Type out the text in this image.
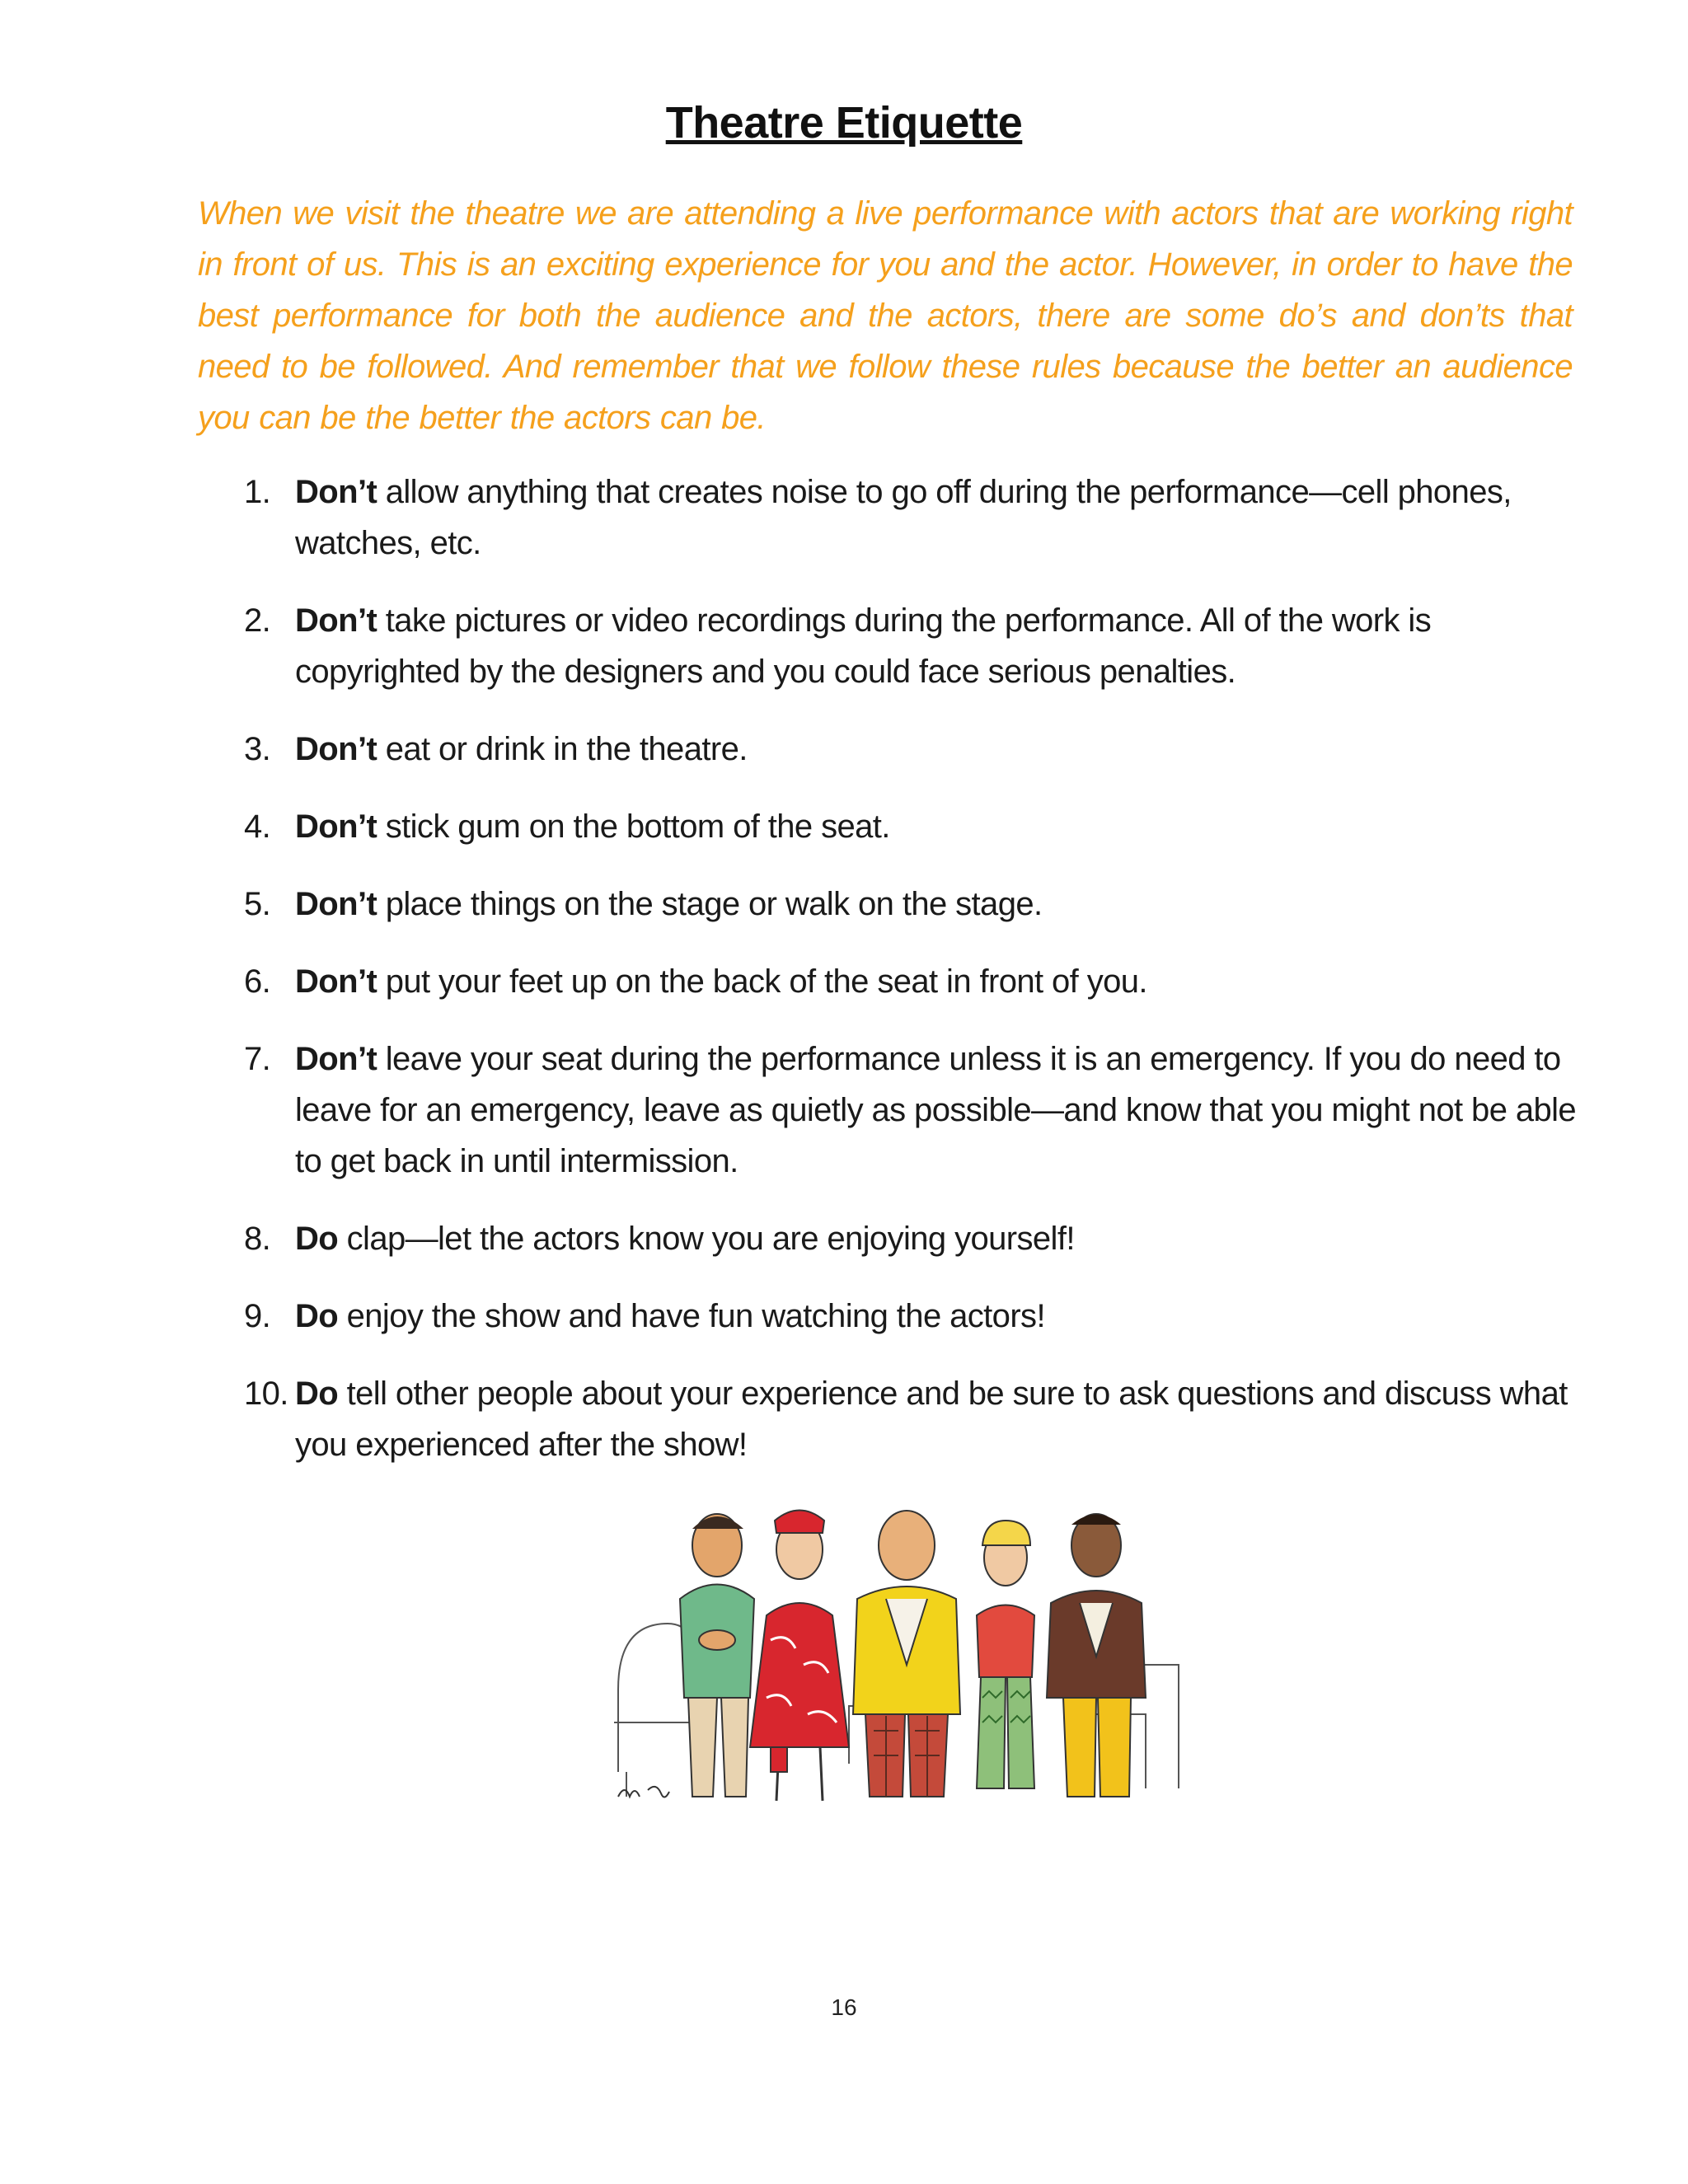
Theatre Etiquette
When we visit the theatre we are attending a live performance with actors that are working right in front of us. This is an exciting experience for you and the actor. However, in order to have the best performance for both the audience and the actors, there are some do’s and don’ts that need to be followed. And remember that we follow these rules because the better an audience you can be the better the actors can be.
1. Don’t allow anything that creates noise to go off during the performance—cell phones, watches, etc.
2. Don’t take pictures or video recordings during the performance. All of the work is copyrighted by the designers and you could face serious penalties.
3. Don’t eat or drink in the theatre.
4. Don’t stick gum on the bottom of the seat.
5. Don’t place things on the stage or walk on the stage.
6. Don’t put your feet up on the back of the seat in front of you.
7. Don’t leave your seat during the performance unless it is an emergency. If you do need to leave for an emergency, leave as quietly as possible—and know that you might not be able to get back in until intermission.
8. Do clap—let the actors know you are enjoying yourself!
9. Do enjoy the show and have fun watching the actors!
10. Do tell other people about your experience and be sure to ask questions and discuss what you experienced after the show!
16
